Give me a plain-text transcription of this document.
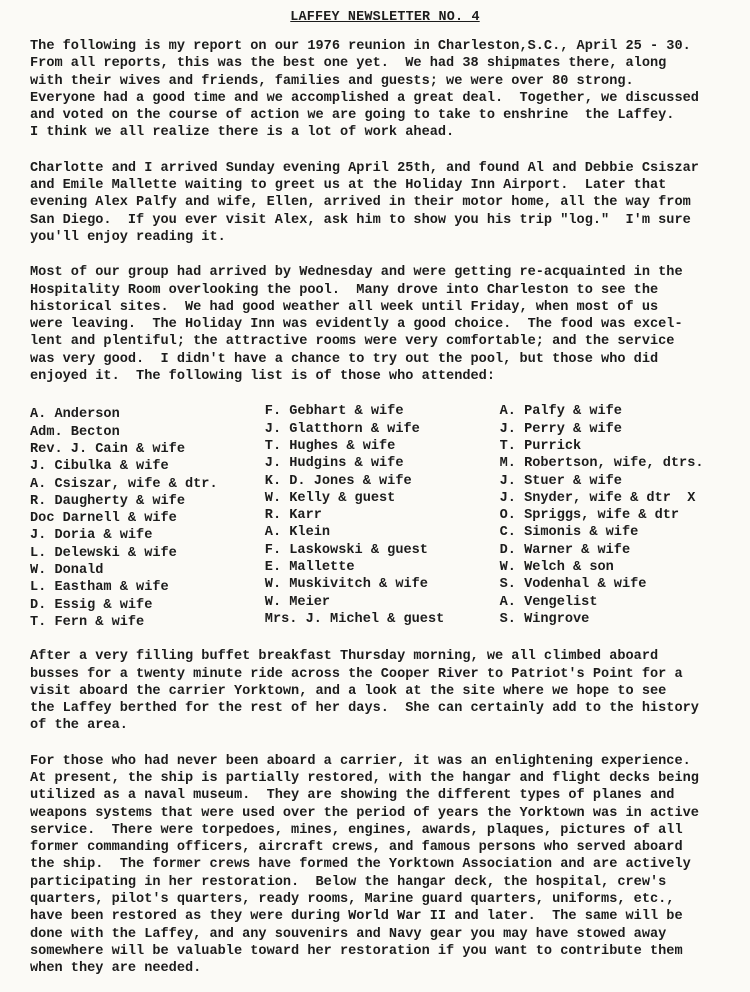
LAFFEY NEWSLETTER NO. 4
The following is my report on our 1976 reunion in Charleston,S.C., April 25 - 30.
From all reports, this was the best one yet.  We had 38 shipmates there, along
with their wives and friends, families and guests; we were over 80 strong.
Everyone had a good time and we accomplished a great deal.  Together, we discussed
and voted on the course of action we are going to take to enshrine  the Laffey.
I think we all realize there is a lot of work ahead.
Charlotte and I arrived Sunday evening April 25th, and found Al and Debbie Csiszar
and Emile Mallette waiting to greet us at the Holiday Inn Airport.  Later that
evening Alex Palfy and wife, Ellen, arrived in their motor home, all the way from
San Diego.  If you ever visit Alex, ask him to show you his trip "log."  I'm sure
you'll enjoy reading it.
Most of our group had arrived by Wednesday and were getting re-acquainted in the
Hospitality Room overlooking the pool.  Many drove into Charleston to see the
historical sites.  We had good weather all week until Friday, when most of us
were leaving.  The Holiday Inn was evidently a good choice.  The food was excel-
lent and plentiful; the attractive rooms were very comfortable; and the service
was very good.  I didn't have a chance to try out the pool, but those who did
enjoyed it.  The following list is of those who attended:
A. Anderson
Adm. Becton
Rev. J. Cain & wife
J. Cibulka & wife
A. Csiszar, wife & dtr.
R. Daugherty & wife
Doc Darnell & wife
J. Doria & wife
L. Delewski & wife
W. Donald
L. Eastham & wife
D. Essig & wife
T. Fern & wife
F. Gebhart & wife
J. Glatthorn & wife
T. Hughes & wife
J. Hudgins & wife
K. D. Jones & wife
W. Kelly & guest
R. Karr
A. Klein
F. Laskowski & guest
E. Mallette
W. Muskivitch & wife
W. Meier
Mrs. J. Michel & guest
A. Palfy & wife
J. Perry & wife
T. Purrick
M. Robertson, wife, dtrs.
J. Stuer & wife
J. Snyder, wife & dtr  X
O. Spriggs, wife & dtr
C. Simonis & wife
D. Warner & wife
W. Welch & son
S. Vodenhal & wife
A. Vengelist
S. Wingrove
After a very filling buffet breakfast Thursday morning, we all climbed aboard
busses for a twenty minute ride across the Cooper River to Patriot's Point for a
visit aboard the carrier Yorktown, and a look at the site where we hope to see
the Laffey berthed for the rest of her days.  She can certainly add to the history
of the area.
For those who had never been aboard a carrier, it was an enlightening experience.
At present, the ship is partially restored, with the hangar and flight decks being
utilized as a naval museum.  They are showing the different types of planes and
weapons systems that were used over the period of years the Yorktown was in active
service.  There were torpedoes, mines, engines, awards, plaques, pictures of all
former commanding officers, aircraft crews, and famous persons who served aboard
the ship.  The former crews have formed the Yorktown Association and are actively
participating in her restoration.  Below the hangar deck, the hospital, crew's
quarters, pilot's quarters, ready rooms, Marine guard quarters, uniforms, etc.,
have been restored as they were during World War II and later.  The same will be
done with the Laffey, and any souvenirs and Navy gear you may have stowed away
somewhere will be valuable toward her restoration if you want to contribute them
when they are needed.
